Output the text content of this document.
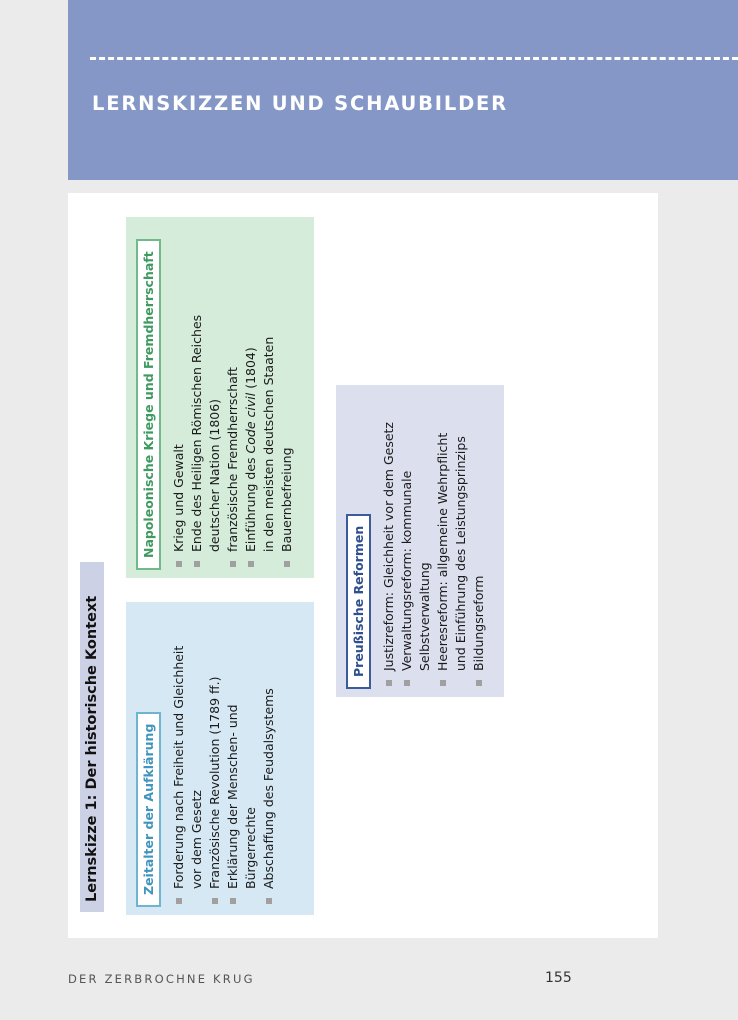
LERNSKIZZEN UND SCHAUBILDER
Lernskizze 1: Der historische Kontext	Zeitalter der Aufklärung Forderung nach Freiheit und Gleichheit vor dem Gesetz Französische Revolution (1789 ff.) Erklärung der Menschen- und Bürgerrechte Abschaffung des Feudalsystems
Napoleonische Kriege und Fremdherrschaft Krieg und Gewalt Ende des Heiligen Römischen Reiches deutscher Nation (1806) französische Fremdherrschaft Einführung des Code civil (1804) in den meisten deutschen Staaten Bauernbefreiung
Preußische Reformen Justizreform: Gleichheit vor dem Gesetz Verwaltungsreform: kommunale Selbstverwaltung Heeresreform: allgemeine Wehrpflicht und Einführung des Leistungsprinzips Bildungsreform
DER ZERBROCHNE KRUG	155
